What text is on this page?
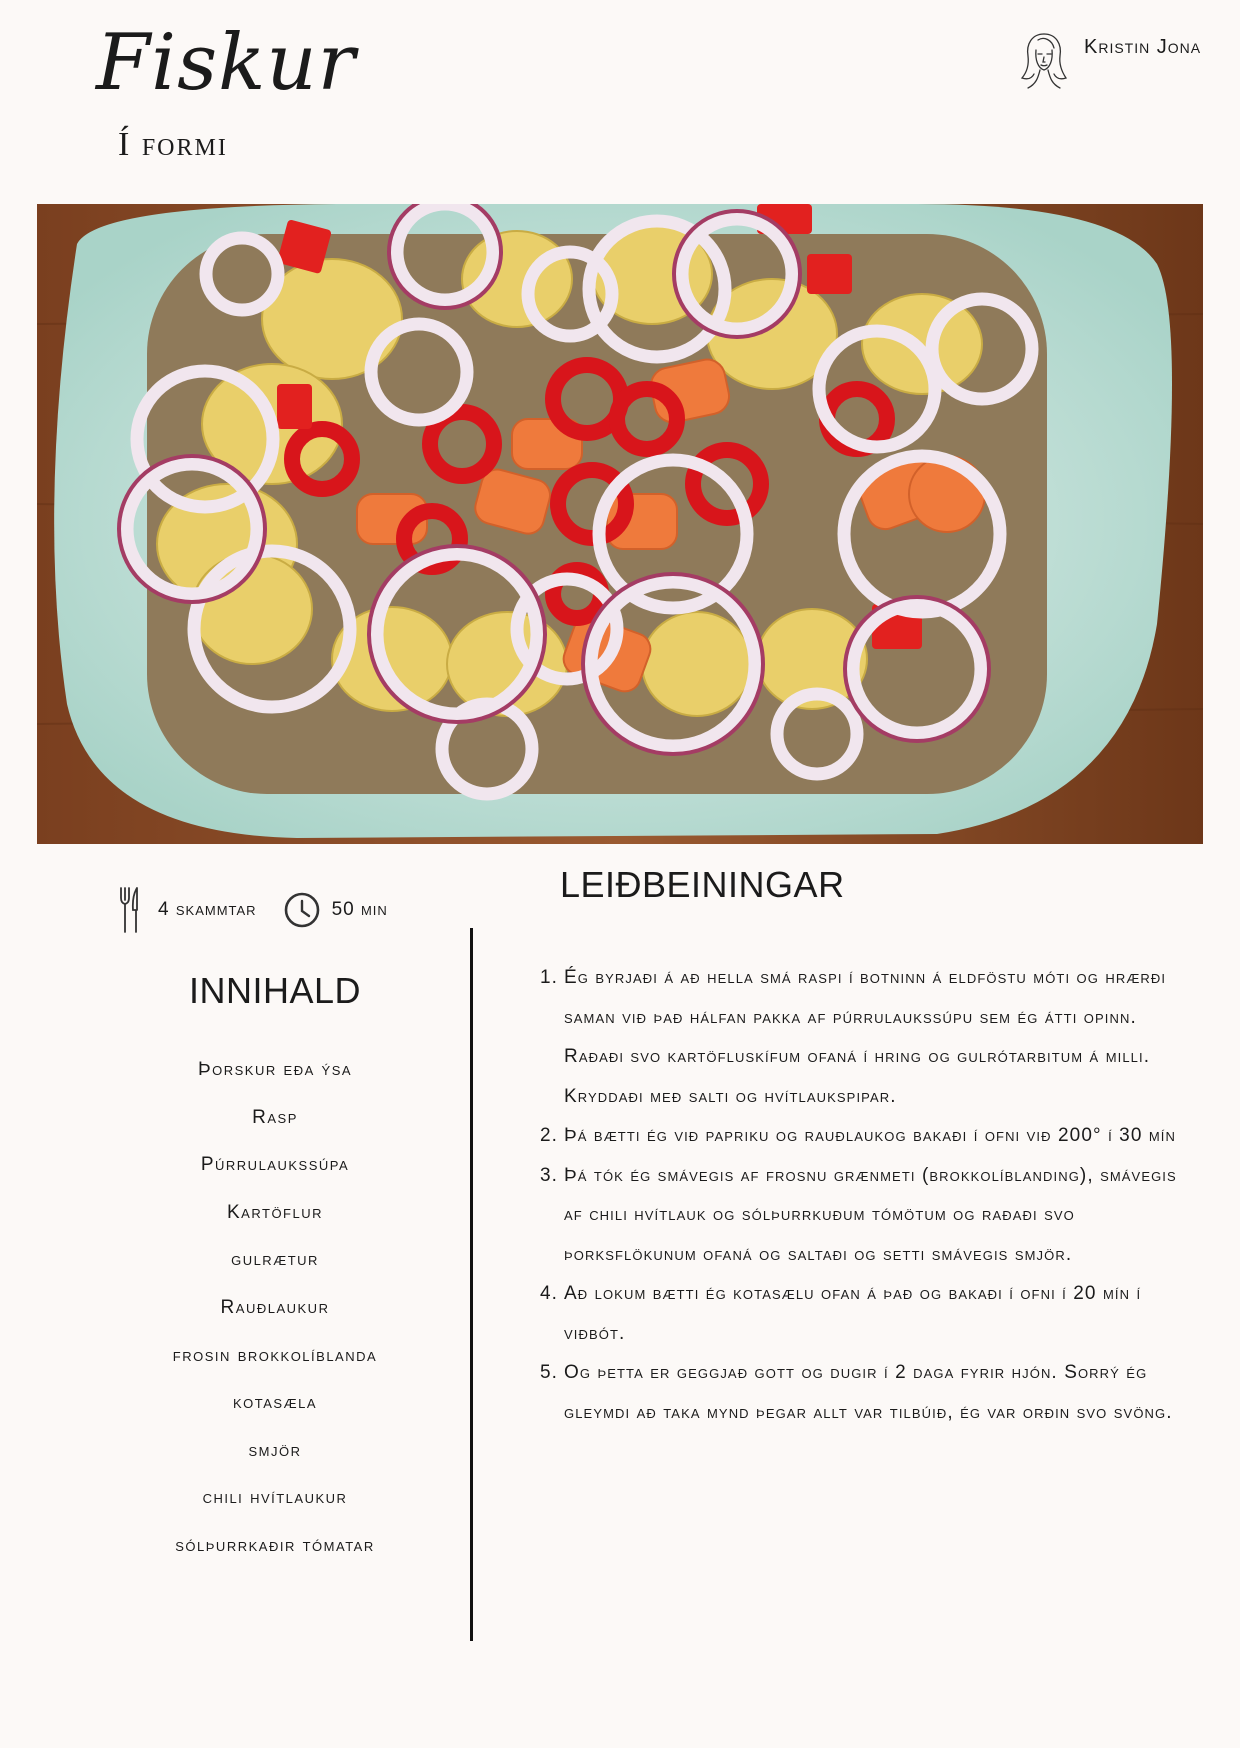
Fiskur
Í formi
Kristin Jona
4 skammtar	50 min
INNIHALD
Þorskur eða ýsa
Rasp
Púrrulaukssúpa
Kartöflur
gulrætur
Rauðlaukur
frosin brokkolíblanda
kotasæla
smjör
chili hvítlaukur
sólþurrkaðir tómatar
LEIÐBEININGAR
1. Ég byrjaði á að hella smá raspi í botninn á eldföstu móti og hrærði saman við það hálfan pakka af púrrulaukssúpu sem ég átti opinn. Raðaði svo kartöfluskífum ofaná í hring og gulrótarbitum á milli. Kryddaði með salti og hvítlaukspipar.
2. Þá bætti ég við papriku og rauðlaukog bakaði í ofni við 200° í 30 mín
3. Þá tók ég smávegis af frosnu grænmeti (brokkolíblanding), smávegis af chili hvítlauk og sólþurrkuðum tómötum og raðaði svo þorksflökunum ofaná og saltaði og setti smávegis smjör.
4. Að lokum bætti ég kotasælu ofan á það og bakaði í ofni í 20 mín í viðbót.
5. Og þetta er geggjað gott og dugir í 2 daga fyrir hjón. Sorrý ég gleymdi að taka mynd þegar allt var tilbúið, ég var orðin svo svöng.
